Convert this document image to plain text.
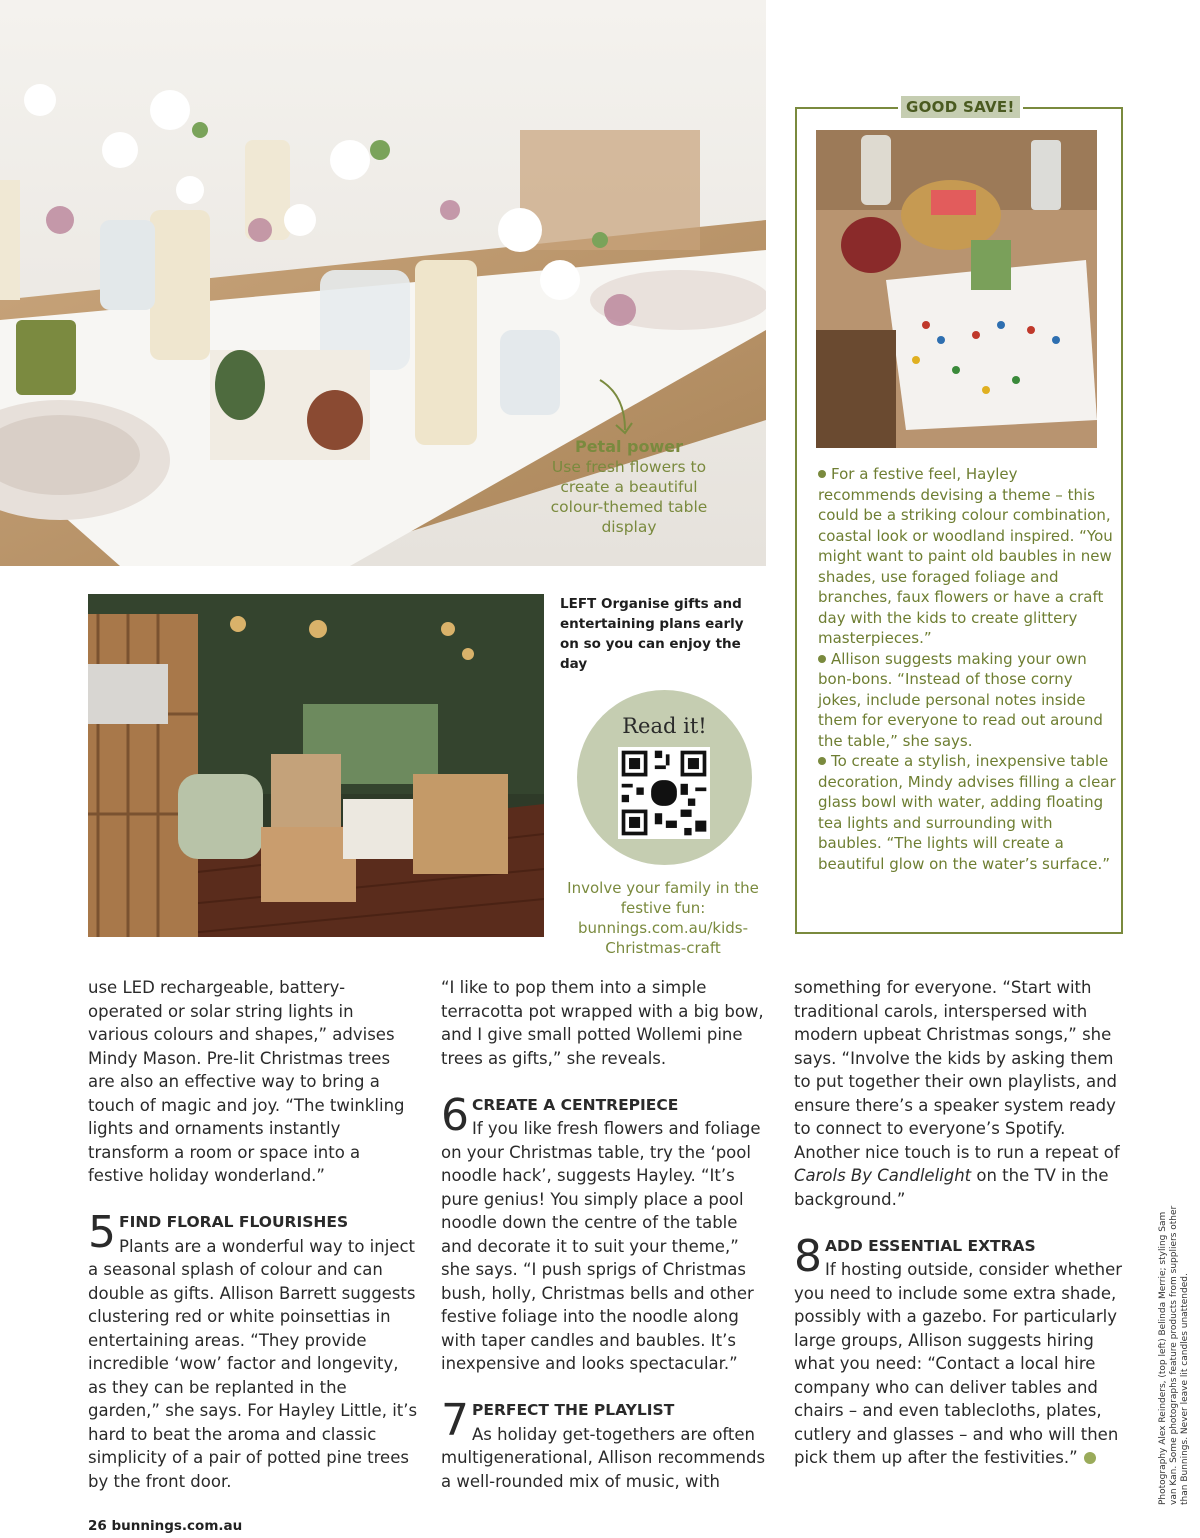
Petal power
Use fresh flowers to create a beautiful colour-themed table display
LEFT Organise gifts and entertaining plans early on so you can enjoy the day
Read it!
Involve your family in the festive fun: bunnings.com.au/kids-Christmas-craft
GOOD SAVE!

For a festive feel, Hayley recommends devising a theme – this could be a striking colour combination, coastal look or woodland inspired. “You might want to paint old baubles in new shades, use foraged foliage and branches, faux flowers or have a craft day with the kids to create glittery masterpieces.”

Allison suggests making your own bon-bons. “Instead of those corny jokes, include personal notes inside them for everyone to read out around the table,” she says.

To create a stylish, inexpensive table decoration, Mindy advises filling a clear glass bowl with water, adding floating tea lights and surrounding with baubles. “The lights will create a beautiful glow on the water’s surface.”

use LED rechargeable, battery-operated or solar string lights in various colours and shapes,” advises Mindy Mason. Pre-lit Christmas trees are also an effective way to bring a touch of magic and joy. “The twinkling lights and ornaments instantly transform a room or space into a festive holiday wonderland.”

5 FIND FLORAL FLOURISHES
Plants are a wonderful way to inject a seasonal splash of colour and can double as gifts. Allison Barrett suggests clustering red or white poinsettias in entertaining areas. “They provide incredible ‘wow’ factor and longevity, as they can be replanted in the garden,” she says. For Hayley Little, it’s hard to beat the aroma and classic simplicity of a pair of potted pine trees by the front door.

“I like to pop them into a simple terracotta pot wrapped with a big bow, and I give small potted Wollemi pine trees as gifts,” she reveals.

6 CREATE A CENTREPIECE
If you like fresh flowers and foliage on your Christmas table, try the ‘pool noodle hack’, suggests Hayley. “It’s pure genius! You simply place a pool noodle down the centre of the table and decorate it to suit your theme,” she says. “I push sprigs of Christmas bush, holly, Christmas bells and other festive foliage into the noodle along with taper candles and baubles. It’s inexpensive and looks spectacular.”
7 PERFECT THE PLAYLIST
As holiday get-togethers are often multigenerational, Allison recommends a well-rounded mix of music, with

something for everyone. “Start with traditional carols, interspersed with modern upbeat Christmas songs,” she says. “Involve the kids by asking them to put together their own playlists, and ensure there’s a speaker system ready to connect to everyone’s Spotify. Another nice touch is to run a repeat of Carols By Candlelight on the TV in the background.”

8 ADD ESSENTIAL EXTRAS
If hosting outside, consider whether you need to include some extra shade, possibly with a gazebo. For particularly large groups, Allison suggests hiring what you need: “Contact a local hire company who can deliver tables and chairs – and even tablecloths, plates, cutlery and glasses – and who will then pick them up after the festivities.”
26 bunnings.com.au
Photography Alex Reinders, (top left) Belinda Merrie; styling Sam van Kan. Some photographs feature products from suppliers other than Bunnings. Never leave lit candles unattended.
